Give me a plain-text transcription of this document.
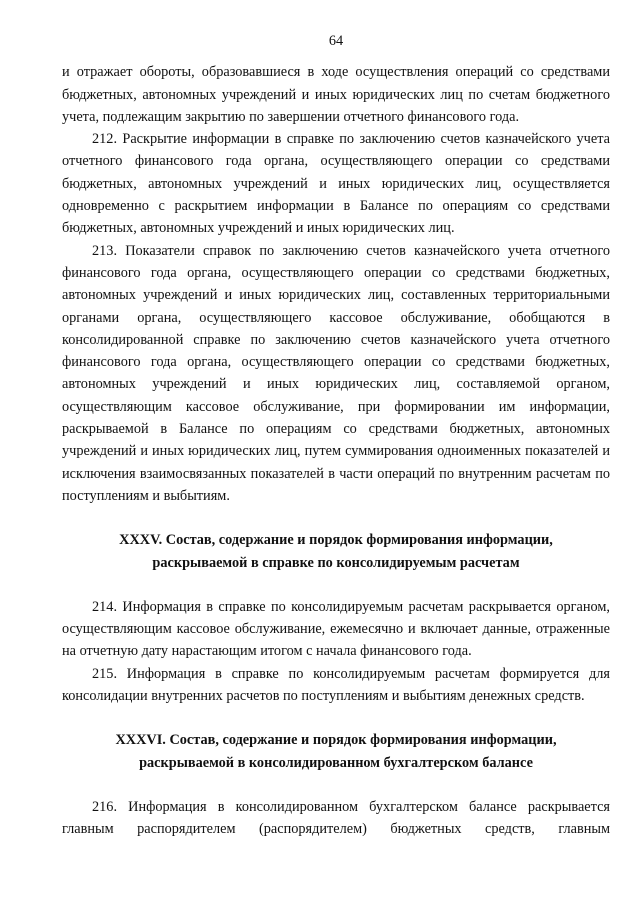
64

и отражает обороты, образовавшиеся в ходе осуществления операций со средствами бюджетных, автономных учреждений и иных юридических лиц по счетам бюджетного учета, подлежащим закрытию по завершении отчетного финансового года.

212. Раскрытие информации в справке по заключению счетов казначейского учета отчетного финансового года органа, осуществляющего операции со средствами бюджетных, автономных учреждений и иных юридических лиц, осуществляется одновременно с раскрытием информации в Балансе по операциям со средствами бюджетных, автономных учреждений и иных юридических лиц.

213. Показатели справок по заключению счетов казначейского учета отчетного финансового года органа, осуществляющего операции со средствами бюджетных, автономных учреждений и иных юридических лиц, составленных территориальными органами органа, осуществляющего кассовое обслуживание, обобщаются в консолидированной справке по заключению счетов казначейского учета отчетного финансового года органа, осуществляющего операции со средствами бюджетных, автономных учреждений и иных юридических лиц, составляемой органом, осуществляющим кассовое обслуживание, при формировании им информации, раскрываемой в Балансе по операциям со средствами бюджетных, автономных учреждений и иных юридических лиц, путем суммирования одноименных показателей и исключения взаимосвязанных показателей в части операций по внутренним расчетам по поступлениям и выбытиям.

XXXV. Состав, содержание и порядок формирования информации,
раскрываемой в справке по консолидируемым расчетам

214. Информация в справке по консолидируемым расчетам раскрывается органом, осуществляющим кассовое обслуживание, ежемесячно и включает данные, отраженные на отчетную дату нарастающим итогом с начала финансового года.

215. Информация в справке по консолидируемым расчетам формируется для консолидации внутренних расчетов по поступлениям и выбытиям денежных средств.

XXXVI. Состав, содержание и порядок формирования информации,
раскрываемой в консолидированном бухгалтерском балансе

216. Информация в консолидированном бухгалтерском балансе раскрывается главным распорядителем (распорядителем) бюджетных средств, главным
